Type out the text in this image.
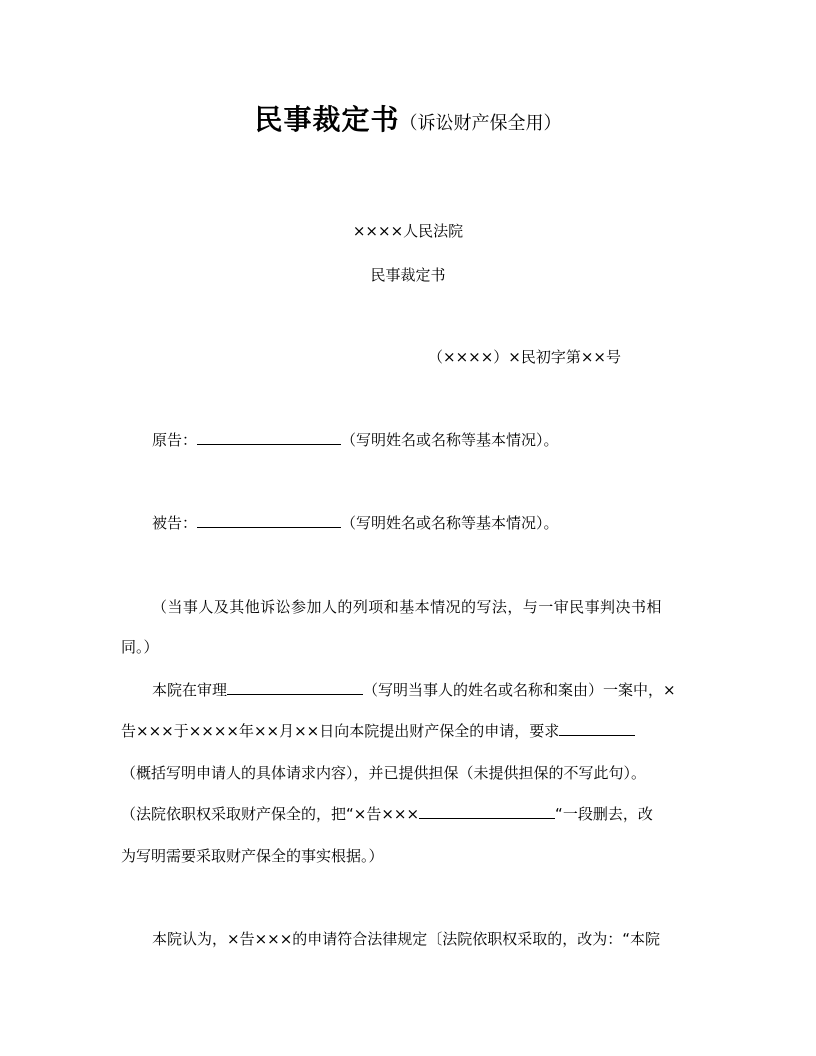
民事裁定书（诉讼财产保全用）
××××人民法院
民事裁定书
（××××）×民初字第××号
原告：	（写明姓名或名称等基本情况）。
被告：	（写明姓名或名称等基本情况）。
（当事人及其他诉讼参加人的列项和基本情况的写法，与一审民事判决书相
同。）
本院在审理	（写明当事人的姓名或名称和案由）一案中，×
告×××于××××年××月××日向本院提出财产保全的申请，要求
（概括写明申请人的具体请求内容），并已提供担保（未提供担保的不写此句）。
（法院依职权采取财产保全的，把“×告×××	“一段删去，改
为写明需要采取财产保全的事实根据。）
本院认为，×告×××的申请符合法律规定〔法院依职权采取的，改为：“本院
